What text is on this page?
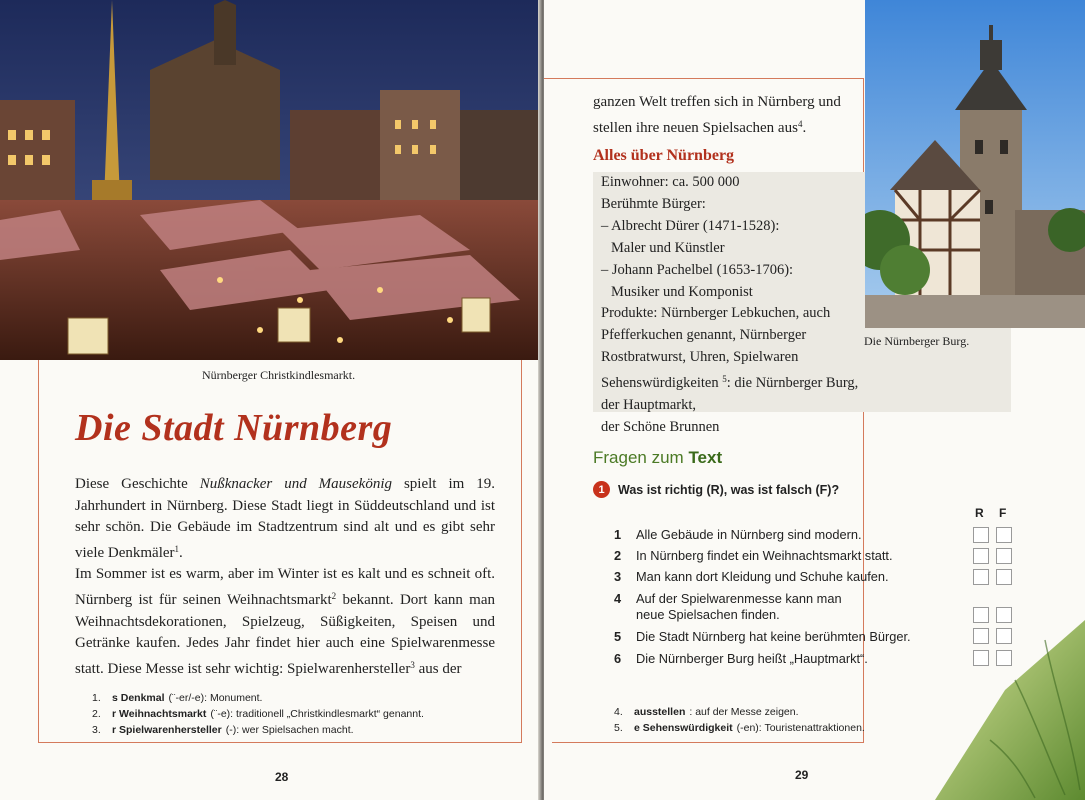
Nürnberger Christkindlesmarkt.
Die Stadt Nürnberg

Diese Geschichte Nußknacker und Mausekönig spielt im 19. Jahrhundert in Nürnberg. Diese Stadt liegt in Süddeutschland und ist sehr schön. Die Gebäude im Stadtzentrum sind alt und es gibt sehr viele Denkmäler$^1$.

Im Sommer ist es warm, aber im Winter ist es kalt und es schneit oft. Nürnberg ist für seinen Weihnachtsmarkt$^2$ bekannt. Dort kann man Weihnachtsdekorationen, Spielzeug, Süßigkeiten, Speisen und Getränke kaufen. Jedes Jahr findet hier auch eine Spielwarenmesse statt. Diese Messe ist sehr wichtig: Spielwarenhersteller$^3$ aus der

1.	s Denkmal (¨-er/-e) : Monument.
2.	r Weihnachtsmarkt (¨-e) : traditionell „Christkindlesmarkt“ genannt.
3.	r Spielwarenhersteller (-) : wer Spielsachen macht.
28
Die Nürnberger Burg.
ganzen Welt treffen sich in Nürnberg und stellen ihre neuen Spielsachen aus$^4$.
Alles über Nürnberg
Einwohner: ca. 500 000
Berühmte Bürger:
– Albrecht Dürer (1471-1528):
Maler und Künstler
– Johann Pachelbel (1653-1706):
Musiker und Komponist
Produkte: Nürnberger Lebkuchen, auch
Pfefferkuchen genannt, Nürnberger
Rostbratwurst, Uhren, Spielwaren
Sehenswürdigkeiten $^5$: die Nürnberger Burg, der Hauptmarkt,
der Schöne Brunnen
Fragen zum Text
1	Was ist richtig (R), was ist falsch (F)?
R F
1	Alle Gebäude in Nürnberg sind modern.
2	In Nürnberg findet ein Weihnachtsmarkt statt.
3	Man kann dort Kleidung und Schuhe kaufen.
4	Auf der Spielwarenmesse kann man neue Spielsachen finden.
5	Die Stadt Nürnberg hat keine berühmten Bürger.
6	Die Nürnberger Burg heißt „Hauptmarkt“.
4.	ausstellen : auf der Messe zeigen.
5.	e Sehenswürdigkeit (-en) : Touristenattraktionen.
29
